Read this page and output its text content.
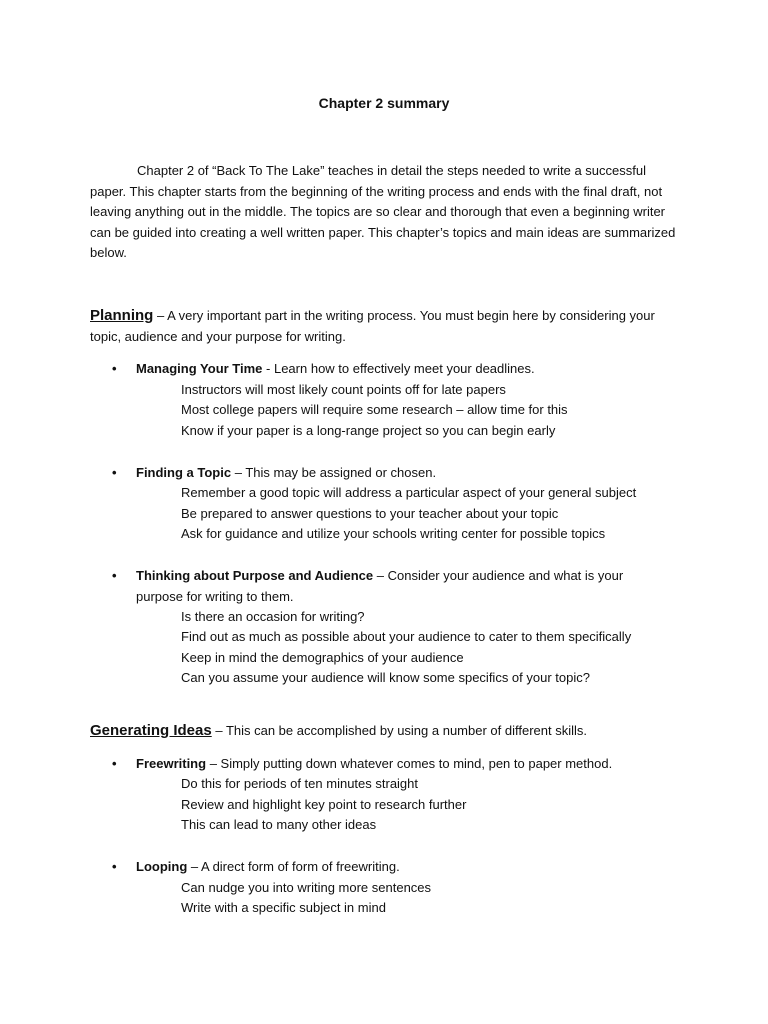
Chapter 2 summary

Chapter 2 of “Back To The Lake” teaches in detail the steps needed to write a successful paper. This chapter starts from the beginning of the writing process and ends with the final draft, not leaving anything out in the middle. The topics are so clear and thorough that even a beginning writer can be guided into creating a well written paper. This chapter’s topics and main ideas are summarized below.

Planning – A very important part in the writing process. You must begin here by considering your topic, audience and your purpose for writing.

• Managing Your Time - Learn how to effectively meet your deadlines.

Instructors will most likely count points off for late papers

Most college papers will require some research – allow time for this

Know if your paper is a long-range project so you can begin early

• Finding a Topic – This may be assigned or chosen.

Remember a good topic will address a particular aspect of your general subject

Be prepared to answer questions to your teacher about your topic

Ask for guidance and utilize your schools writing center for possible topics

• Thinking about Purpose and Audience – Consider your audience and what is your purpose for writing to them.

Is there an occasion for writing?

Find out as much as possible about your audience to cater to them specifically

Keep in mind the demographics of your audience

Can you assume your audience will know some specifics of your topic?

Generating Ideas – This can be accomplished by using a number of different skills.

• Freewriting – Simply putting down whatever comes to mind, pen to paper method.

Do this for periods of ten minutes straight

Review and highlight key point to research further

This can lead to many other ideas

• Looping – A direct form of form of freewriting.

Can nudge you into writing more sentences

Write with a specific subject in mind
